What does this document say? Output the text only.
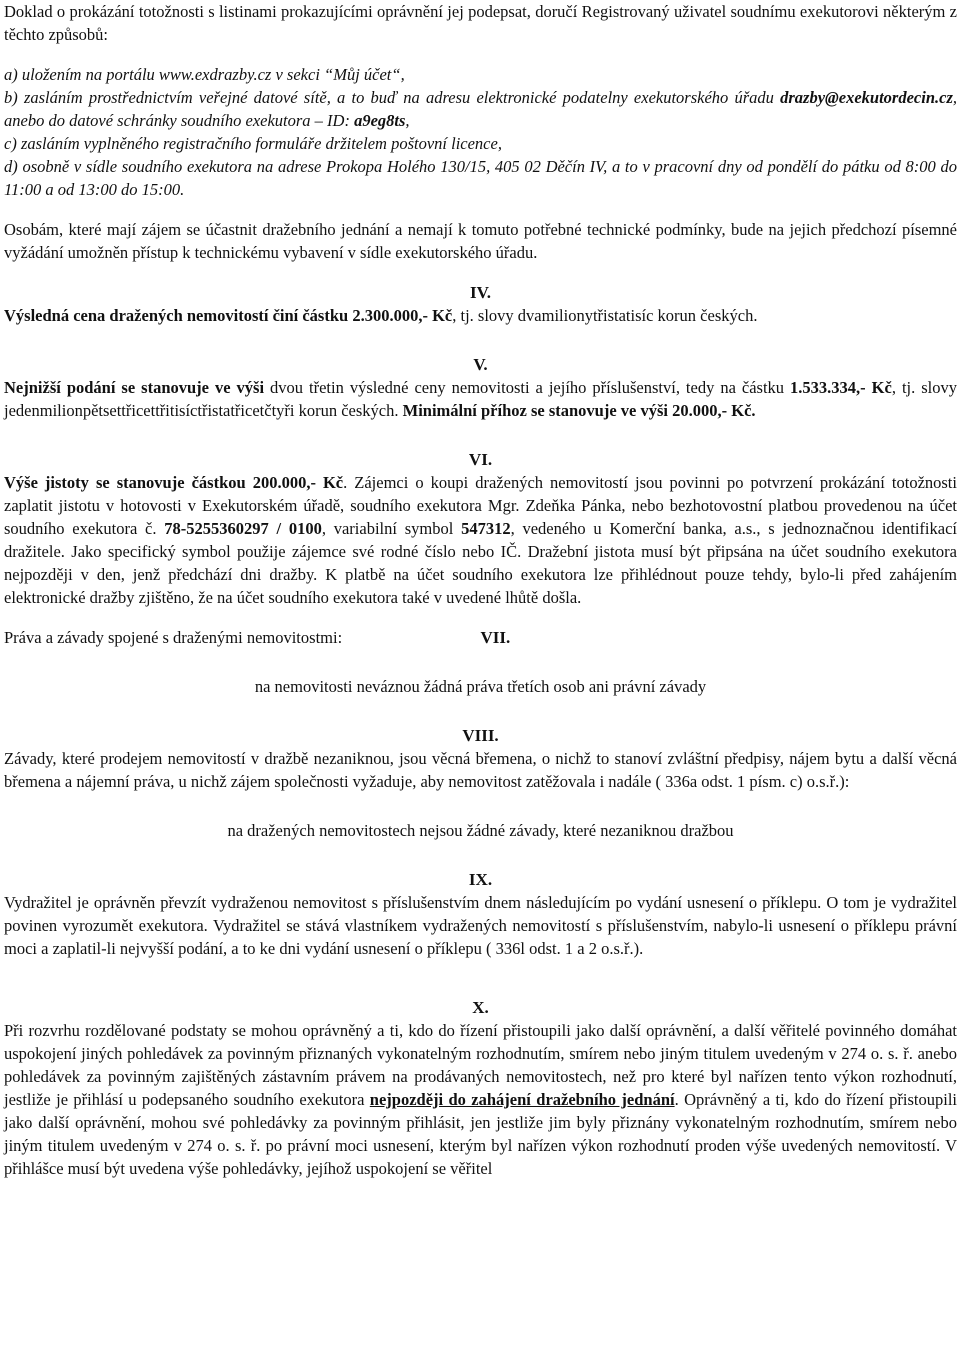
Doklad o prokázání totožnosti s listinami prokazujícími oprávnění jej podepsat, doručí Registrovaný uživatel soudnímu exekutorovi některým z těchto způsobů:

a) uložením na portálu www.exdrazby.cz v sekci “Můj účet“,

b) zasláním prostřednictvím veřejné datové sítě, a to buď na adresu elektronické podatelny exekutorského úřadu drazby@exekutordecin.cz, anebo do datové schránky soudního exekutora – ID: a9eg8ts,

c) zasláním vyplněného registračního formuláře držitelem poštovní licence,

d) osobně v sídle soudního exekutora na adrese Prokopa Holého 130/15, 405 02 Děčín IV, a to v pracovní dny od pondělí do pátku od 8:00 do 11:00 a od 13:00 do 15:00.

Osobám, které mají zájem se účastnit dražebního jednání a nemají k tomuto potřebné technické podmínky, bude na jejich předchozí písemné vyžádání umožněn přístup k technickému vybavení v sídle exekutorského úřadu.

IV.

Výsledná cena dražených nemovitostí činí částku 2.300.000,- Kč, tj. slovy dvamilionytřistatisíc korun českých.

V.

Nejnižší podání se stanovuje ve výši dvou třetin výsledné ceny nemovitosti a jejího příslušenství, tedy na částku 1.533.334,- Kč, tj. slovy jedenmilionpětsettřicettřitisíctřistatřicetčtyři korun českých. Minimální příhoz se stanovuje ve výši 20.000,- Kč.

VI.

Výše jistoty se stanovuje částkou 200.000,- Kč. Zájemci o koupi dražených nemovitostí jsou povinni po potvrzení prokázání totožnosti zaplatit jistotu v hotovosti v Exekutorském úřadě, soudního exekutora Mgr. Zdeňka Pánka, nebo bezhotovostní platbou provedenou na účet soudního exekutora č. 78-5255360297 / 0100, variabilní symbol 547312, vedeného u Komerční banka, a.s., s jednoznačnou identifikací dražitele. Jako specifický symbol použije zájemce své rodné číslo nebo IČ. Dražební jistota musí být připsána na účet soudního exekutora nejpozději v den, jenž předchází dni dražby. K platbě na účet soudního exekutora lze přihlédnout pouze tehdy, bylo-li před zahájením elektronické dražby zjištěno, že na účet soudního exekutora také v uvedené lhůtě došla.

Práva a závady spojené s draženými nemovitostmi:	VII.

na nemovitosti neváznou žádná práva třetích osob ani právní závady

VIII.

Závady, které prodejem nemovitostí v dražbě nezaniknou, jsou věcná břemena, o nichž to stanoví zvláštní předpisy, nájem bytu a další věcná břemena a nájemní práva, u nichž zájem společnosti vyžaduje, aby nemovitost zatěžovala i nadále ( 336a odst. 1 písm. c) o.s.ř.):

na dražených nemovitostech nejsou žádné závady, které nezaniknou dražbou

IX.

Vydražitel je oprávněn převzít vydraženou nemovitost s příslušenstvím dnem následujícím po vydání usnesení o příklepu. O tom je vydražitel povinen vyrozumět exekutora. Vydražitel se stává vlastníkem vydražených nemovitostí s příslušenstvím, nabylo-li usnesení o příklepu právní moci a zaplatil-li nejvyšší podání, a to ke dni vydání usnesení o příklepu ( 336l odst. 1 a 2 o.s.ř.).

X.

Při rozvrhu rozdělované podstaty se mohou oprávněný a ti, kdo do řízení přistoupili jako další oprávnění, a další věřitelé povinného domáhat uspokojení jiných pohledávek za povinným přiznaných vykonatelným rozhodnutím, smírem nebo jiným titulem uvedeným v 274 o. s. ř. anebo pohledávek za povinným zajištěných zástavním právem na prodávaných nemovitostech, než pro které byl nařízen tento výkon rozhodnutí, jestliže je přihlásí u podepsaného soudního exekutora nejpozději do zahájení dražebního jednání. Oprávněný a ti, kdo do řízení přistoupili jako další oprávnění, mohou své pohledávky za povinným přihlásit, jen jestliže jim byly přiznány vykonatelným rozhodnutím, smírem nebo jiným titulem uvedeným v 274 o. s. ř. po právní moci usnesení, kterým byl nařízen výkon rozhodnutí proden výše uvedených nemovitostí. V přihlášce musí být uvedena výše pohledávky, jejíhož uspokojení se věřitel
